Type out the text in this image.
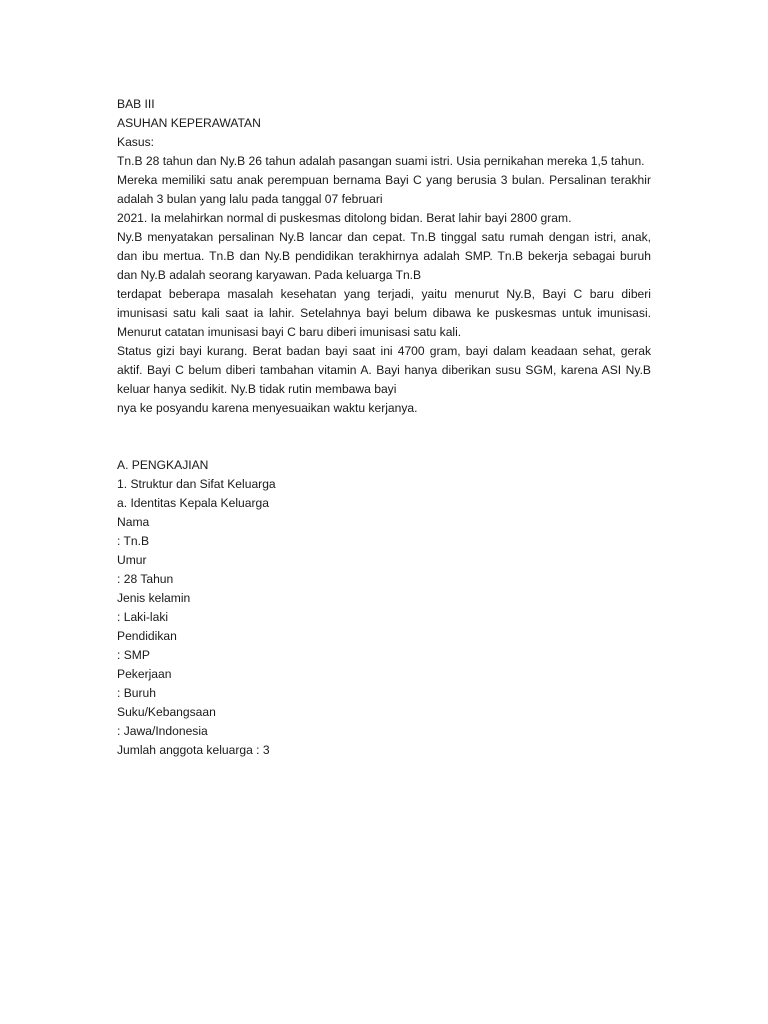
BAB III
ASUHAN KEPERAWATAN
Kasus:
Tn.B 28 tahun dan Ny.B 26 tahun adalah pasangan suami istri. Usia pernikahan mereka 1,5 tahun.
Mereka memiliki satu anak perempuan bernama Bayi C yang berusia 3 bulan. Persalinan terakhir
adalah 3 bulan yang lalu pada tanggal 07 februari
2021. Ia melahirkan normal di puskesmas ditolong bidan. Berat lahir bayi 2800 gram.
Ny.B menyatakan persalinan Ny.B lancar dan cepat. Tn.B tinggal satu rumah dengan istri, anak,
dan ibu mertua. Tn.B dan Ny.B pendidikan terakhirnya adalah SMP. Tn.B bekerja sebagai buruh
dan Ny.B adalah seorang karyawan. Pada keluarga Tn.B
terdapat beberapa masalah kesehatan yang terjadi, yaitu menurut Ny.B, Bayi C baru diberi
imunisasi satu kali saat ia lahir. Setelahnya bayi belum dibawa ke puskesmas untuk imunisasi.
Menurut catatan imunisasi bayi C baru diberi imunisasi satu kali.
Status gizi bayi kurang. Berat badan bayi saat ini 4700 gram, bayi dalam keadaan sehat, gerak
aktif. Bayi C belum diberi tambahan vitamin A. Bayi hanya diberikan susu SGM, karena ASI Ny.B
keluar hanya sedikit. Ny.B tidak rutin membawa bayi
nya ke posyandu karena menyesuaikan waktu kerjanya.
A. PENGKAJIAN
1. Struktur dan Sifat Keluarga
a. Identitas Kepala Keluarga
Nama
: Tn.B
Umur
: 28 Tahun
Jenis kelamin
: Laki-laki
Pendidikan
: SMP
Pekerjaan
: Buruh
Suku/Kebangsaan
: Jawa/Indonesia
Jumlah anggota keluarga : 3
